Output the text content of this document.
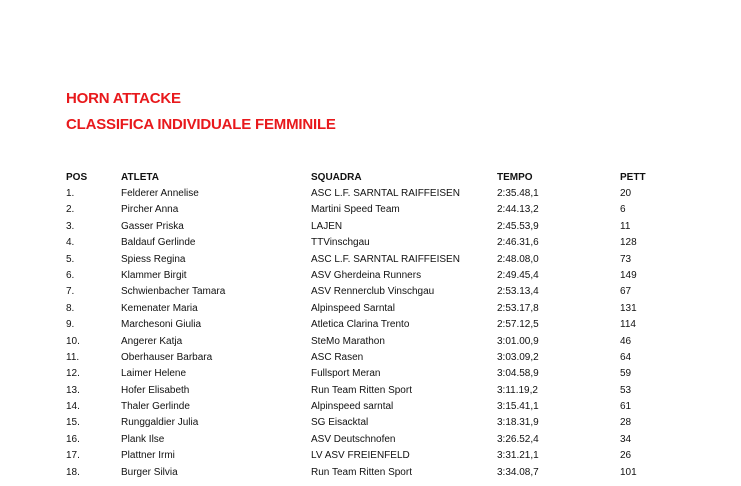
HORN ATTACKE
CLASSIFICA INDIVIDUALE FEMMINILE
POS	ATLETA	SQUADRA	TEMPO	PETT
1.	Felderer Annelise	ASC L.F. SARNTAL RAIFFEISEN	2:35.48,1	20
2.	Pircher Anna	Martini Speed Team	2:44.13,2	6
3.	Gasser Priska	LAJEN	2:45.53,9	11
4.	Baldauf Gerlinde	TTVinschgau	2:46.31,6	128
5.	Spiess Regina	ASC L.F. SARNTAL RAIFFEISEN	2:48.08,0	73
6.	Klammer Birgit	ASV Gherdeina Runners	2:49.45,4	149
7.	Schwienbacher Tamara	ASV Rennerclub Vinschgau	2:53.13,4	67
8.	Kemenater Maria	Alpinspeed Sarntal	2:53.17,8	131
9.	Marchesoni Giulia	Atletica Clarina Trento	2:57.12,5	114
10.	Angerer Katja	SteMo Marathon	3:01.00,9	46
11.	Oberhauser Barbara	ASC Rasen	3:03.09,2	64
12.	Laimer Helene	Fullsport Meran	3:04.58,9	59
13.	Hofer Elisabeth	Run Team Ritten Sport	3:11.19,2	53
14.	Thaler Gerlinde	Alpinspeed sarntal	3:15.41,1	61
15.	Runggaldier Julia	SG Eisacktal	3:18.31,9	28
16.	Plank Ilse	ASV Deutschnofen	3:26.52,4	34
17.	Plattner Irmi	LV ASV FREIENFELD	3:31.21,1	26
18.	Burger Silvia	Run Team Ritten Sport	3:34.08,7	101
